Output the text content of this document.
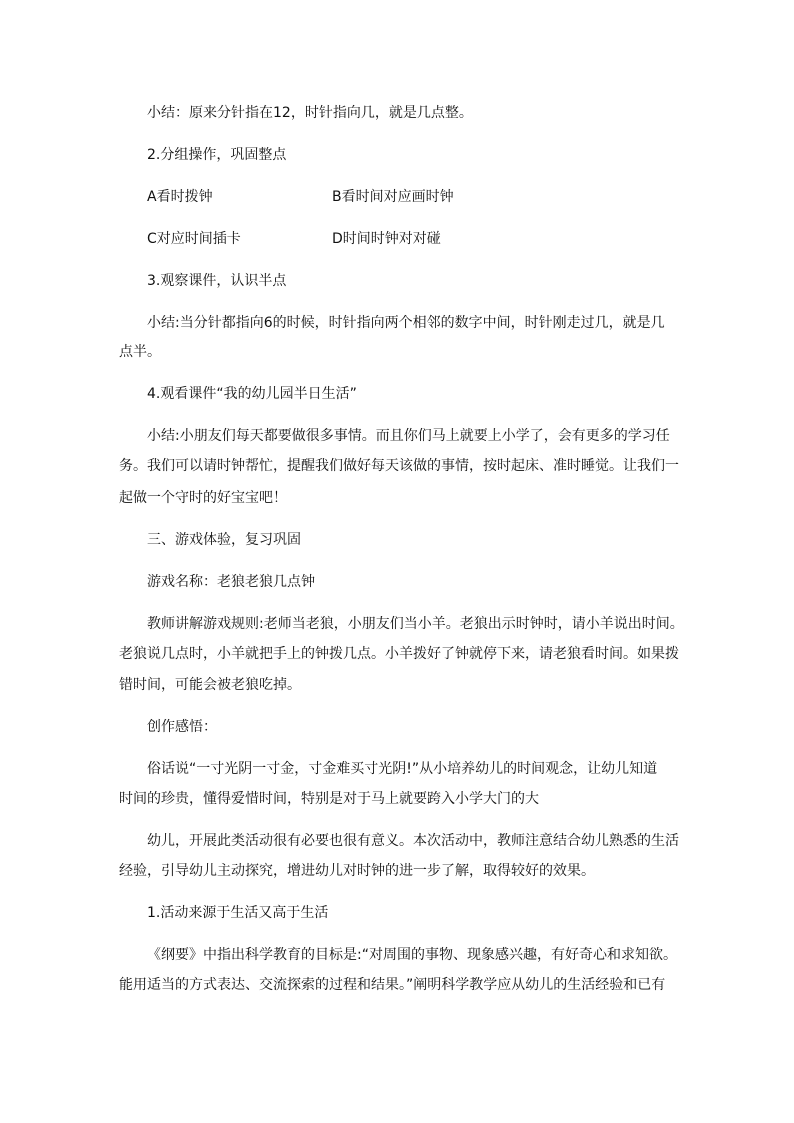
小结：原来分针指在12，时针指向几，就是几点整。
2.分组操作，巩固整点
A看时拨钟	B看时间对应画时钟
C对应时间插卡	D时间时钟对对碰
3.观察课件，认识半点
小结:当分针都指向6的时候，时针指向两个相邻的数字中间，时针刚走过几，就是几
点半。
4.观看课件“我的幼儿园半日生活”
小结:小朋友们每天都要做很多事情。而且你们马上就要上小学了，会有更多的学习任
务。我们可以请时钟帮忙，提醒我们做好每天该做的事情，按时起床、准时睡觉。让我们一
起做一个守时的好宝宝吧！
三、游戏体验，复习巩固
游戏名称：老狼老狼几点钟
教师讲解游戏规则:老师当老狼，小朋友们当小羊。老狼出示时钟时，请小羊说出时间。
老狼说几点时，小羊就把手上的钟拨几点。小羊拨好了钟就停下来，请老狼看时间。如果拨
错时间，可能会被老狼吃掉。
创作感悟：
俗话说“一寸光阴一寸金，寸金难买寸光阴!”从小培养幼儿的时间观念，让幼儿知道
时间的珍贵，懂得爱惜时间，特别是对于马上就要跨入小学大门的大
幼儿，开展此类活动很有必要也很有意义。本次活动中，教师注意结合幼儿熟悉的生活
经验，引导幼儿主动探究，增进幼儿对时钟的进一步了解，取得较好的效果。
1.活动来源于生活又高于生活
《纲要》中指出科学教育的目标是:“对周围的事物、现象感兴趣，有好奇心和求知欲。
能用适当的方式表达、交流探索的过程和结果。”阐明科学教学应从幼儿的生活经验和已有
